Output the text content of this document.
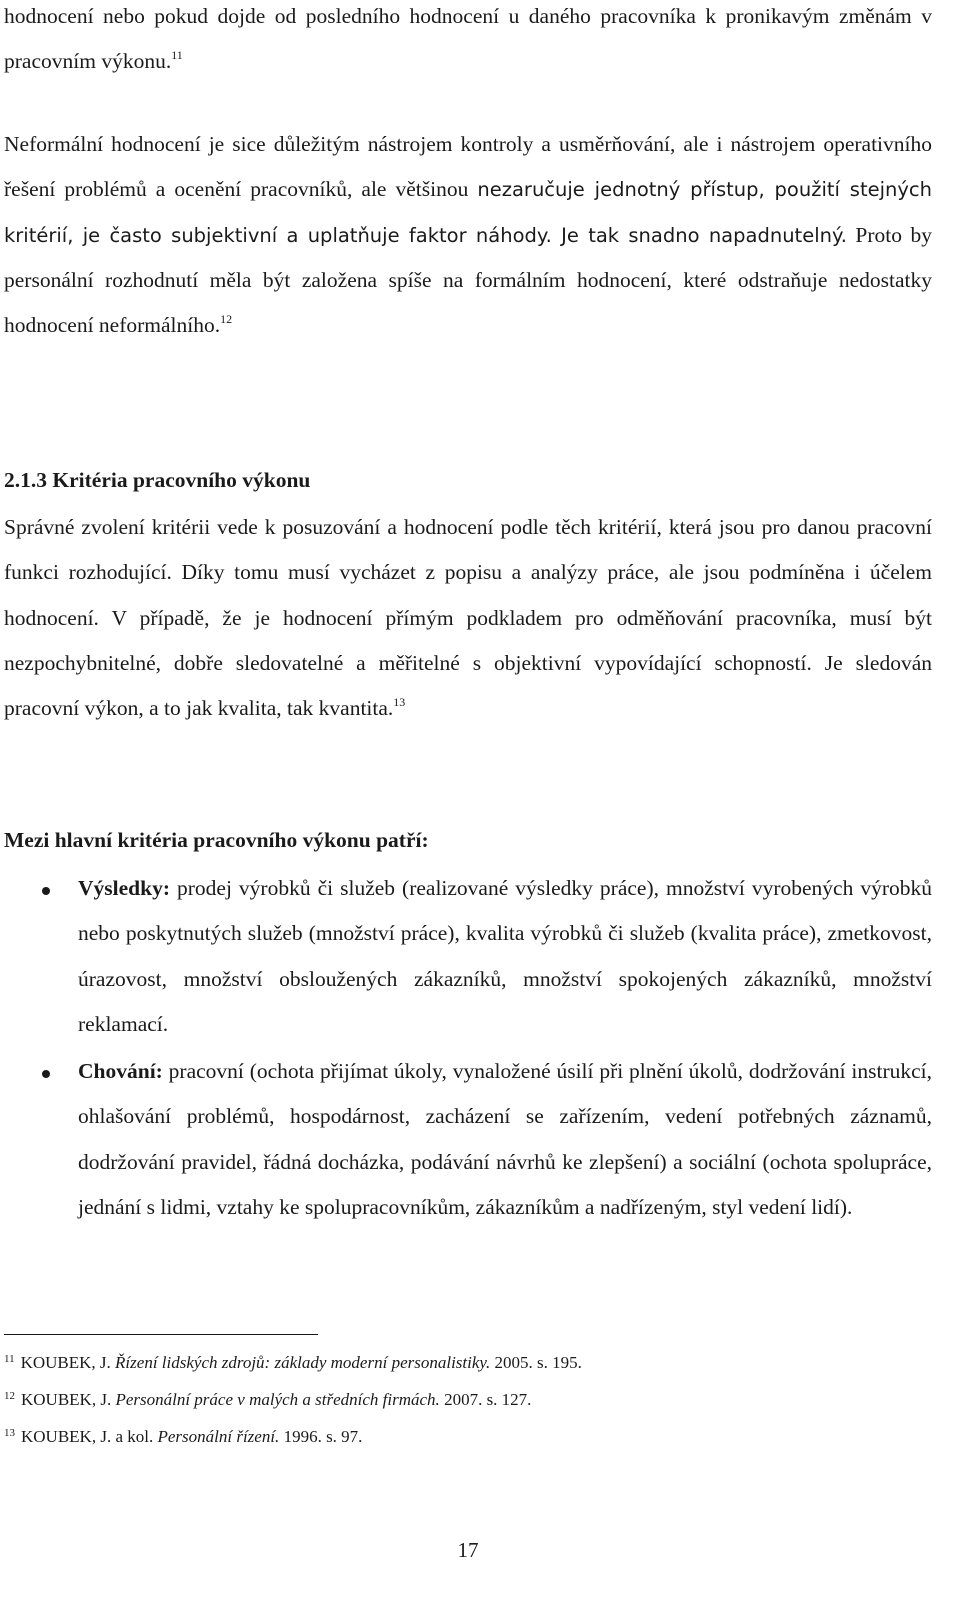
hodnocení nebo pokud dojde od posledního hodnocení u daného pracovníka k pronikavým změnám v pracovním výkonu.$^{11}$
Neformální hodnocení je sice důležitým nástrojem kontroly a usměrňování, ale i nástrojem operativního řešení problémů a ocenění pracovníků, ale většinou nezaručuje jednotný přístup, použití stejných kritérií, je často subjektivní a uplatňuje faktor náhody. Je tak snadno napadnutelný. Proto by personální rozhodnutí měla být založena spíše na formálním hodnocení, které odstraňuje nedostatky hodnocení neformálního.$^{12}$
2.1.3 Kritéria pracovního výkonu
Správné zvolení kritérii vede k posuzování a hodnocení podle těch kritérií, která jsou pro danou pracovní funkci rozhodující. Díky tomu musí vycházet z popisu a analýzy práce, ale jsou podmíněna i účelem hodnocení. V případě, že je hodnocení přímým podkladem pro odměňování pracovníka, musí být nezpochybnitelné, dobře sledovatelné a měřitelné s objektivní vypovídající schopností. Je sledován pracovní výkon, a to jak kvalita, tak kvantita.$^{13}$
Mezi hlavní kritéria pracovního výkonu patří:
Výsledky: prodej výrobků či služeb (realizované výsledky práce), množství vyrobených výrobků nebo poskytnutých služeb (množství práce), kvalita výrobků či služeb (kvalita práce), zmetkovost, úrazovost, množství obsloužených zákazníků, množství spokojených zákazníků, množství reklamací.
Chování: pracovní (ochota přijímat úkoly, vynaložené úsilí při plnění úkolů, dodržování instrukcí, ohlašování problémů, hospodárnost, zacházení se zařízením, vedení potřebných záznamů, dodržování pravidel, řádná docházka, podávání návrhů ke zlepšení) a sociální (ochota spolupráce, jednání s lidmi, vztahy ke spolupracovníkům, zákazníkům a nadřízeným, styl vedení lidí).
$^{11}$ KOUBEK, J. Řízení lidských zdrojů: základy moderní personalistiky. 2005. s. 195.
$^{12}$ KOUBEK, J. Personální práce v malých a středních firmách. 2007. s. 127.
$^{13}$ KOUBEK, J. a kol. Personální řízení. 1996. s. 97.
17
